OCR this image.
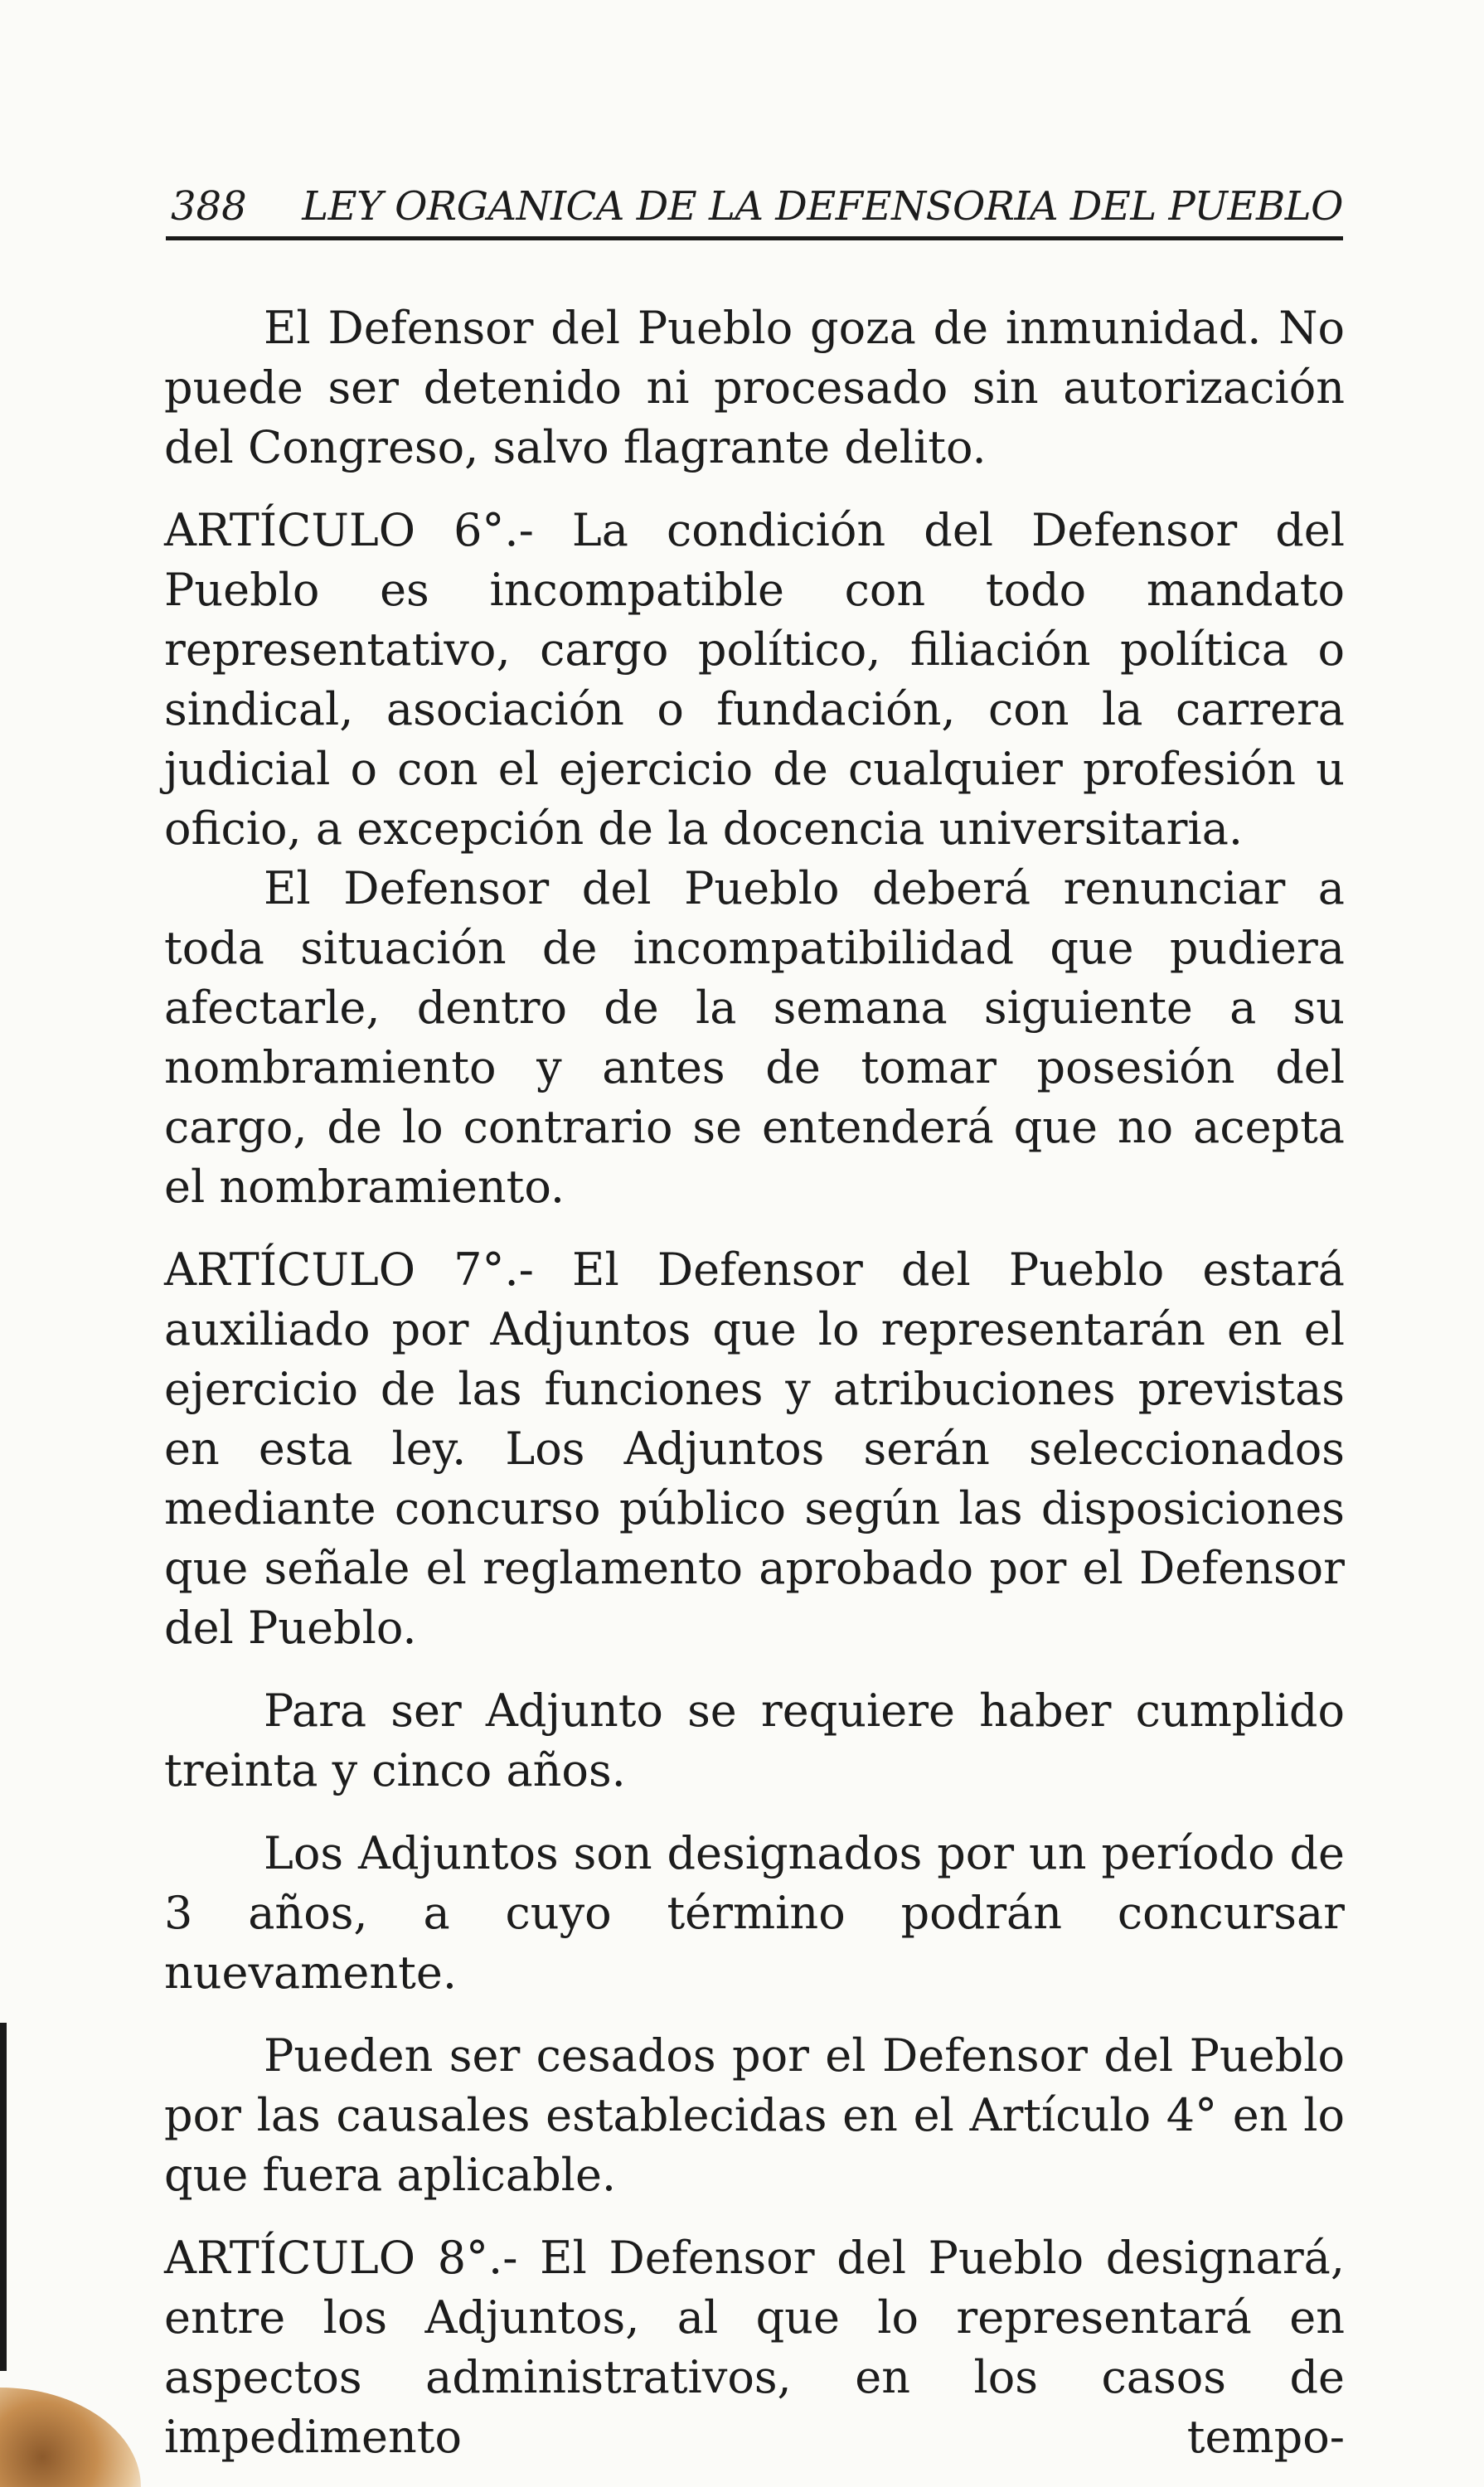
388 LEY ORGANICA DE LA DEFENSORIA DEL PUEBLO

El Defensor del Pueblo goza de inmunidad. No puede ser detenido ni procesado sin autorización del Congreso, salvo flagrante delito.

ARTÍCULO 6°.- La condición del Defensor del Pueblo es incompatible con todo mandato representativo, cargo político, filiación política o sindical, asociación o fundación, con la carrera judicial o con el ejercicio de cualquier profesión u oficio, a excepción de la docencia universitaria.

El Defensor del Pueblo deberá renunciar a toda situación de incompatibilidad que pudiera afectarle, dentro de la semana siguiente a su nombramiento y antes de tomar posesión del cargo, de lo contrario se entenderá que no acepta el nombramiento.

ARTÍCULO 7°.- El Defensor del Pueblo estará auxiliado por Adjuntos que lo representarán en el ejercicio de las funciones y atribuciones previstas en esta ley. Los Adjuntos serán seleccionados mediante concurso público según las disposiciones que señale el reglamento aprobado por el Defensor del Pueblo.

Para ser Adjunto se requiere haber cumplido treinta y cinco años.

Los Adjuntos son designados por un período de 3 años, a cuyo término podrán concursar nuevamente.

Pueden ser cesados por el Defensor del Pueblo por las causales establecidas en el Artículo 4° en lo que fuera aplicable.

ARTÍCULO 8°.- El Defensor del Pueblo designará, entre los Adjuntos, al que lo representará en aspectos administrativos, en los casos de impedimento tempo-
